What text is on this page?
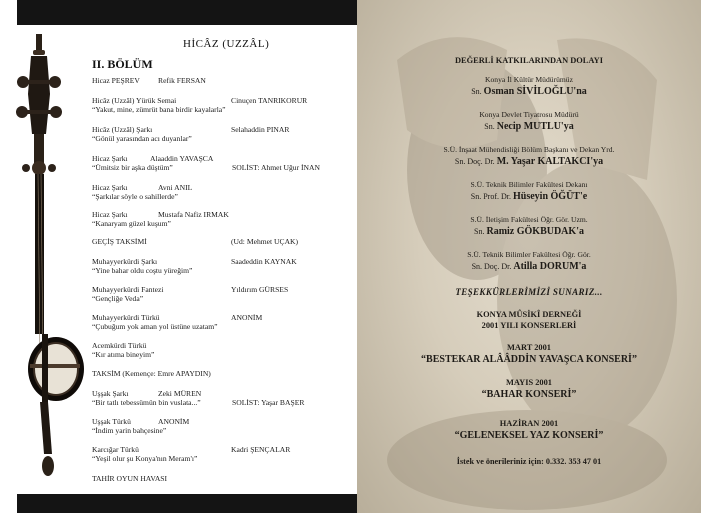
HİCÂZ (UZZÂL)
II. BÖLÜM
Hicaz PEŞREV Refik FERSAN
Hicâz (Uzzâl) Yürük Semai	Cinuçen TANRIKORUR
“Yakut, mine, zümrüt bana birdir kayalarla”
Hicâz (Uzzâl) Şarkı	Selahaddin PINAR
“Gönül yarasından acı duyanlar”
Hicaz Şarkı	Alaaddin YAVAŞCA
“Ümitsiz bir aşka düştüm”	SOLİST: Ahmet Uğur İNAN
Hicaz Şarkı	Avni ANIL
“Şarkılar söyle o sahillerde”
Hicaz Şarkı	Mustafa Nafiz IRMAK
“Kanaryam güzel kuşum”
GEÇİŞ TAKSİMİ	(Ud: Mehmet UÇAK)
Muhayyerkürdi Şarkı	Saadeddin KAYNAK
“Yine bahar oldu coştu yüreğim”
Muhayyerkürdi Fantezi	Yıldırım GÜRSES
“Gençliğe Veda”
Muhayyerkürdi Türkü	ANONİM
“Çubuğum yok aman yol üstüne uzatam”
Acemkürdi Türkü
“Kır atıma bineyim”
TAKSİM (Kemençe: Emre APAYDIN)
Uşşak Şarkı	Zeki MÜREN
“Bir tatlı tebessümün bin vuslata...”	SOLİST: Yaşar BAŞER
Uşşak Türkü	ANONİM
“İndim yarin bahçesine”
Karcığar Türkü	Kadri ŞENÇALAR
“Yeşil olur şu Konya'nın Meram'ı”
TAHİR OYUN HAVASI
DEĞERLİ KATKILARINDAN DOLAYI
Konya İl Kültür Müdürümüz
Sn. Osman SİVİLOĞLU'na
Konya Devlet Tiyatrosu Müdürü
Sn. Necip MUTLU'ya
S.Ü. İnşaat Mühendisliği Bölüm Başkanı ve Dekan Yrd.
Sn. Doç. Dr. M. Yaşar KALTAKCI'ya
S.Ü. Teknik Bilimler Fakültesi Dekanı
Sn. Prof. Dr. Hüseyin ÖĞÜT'e
S.Ü. İletişim Fakültesi Öğr. Gör. Uzm.
Sn. Ramiz GÖKBUDAK'a
S.Ü. Teknik Bilimler Fakültesi Öğr. Gör.
Sn. Doç. Dr. Atilla DORUM'a
TEŞEKKÜRLERİMİZİ SUNARIZ...
KONYA MÛSİKÎ DERNEĞİ
2001 YILI KONSERLERİ
MART 2001
“BESTEKAR ALÂÂDDİN YAVAŞCA KONSERİ”
MAYIS 2001
“BAHAR KONSERİ”
HAZİRAN 2001
“GELENEKSEL YAZ KONSERİ”
İstek ve önerileriniz için: 0.332. 353 47 01
